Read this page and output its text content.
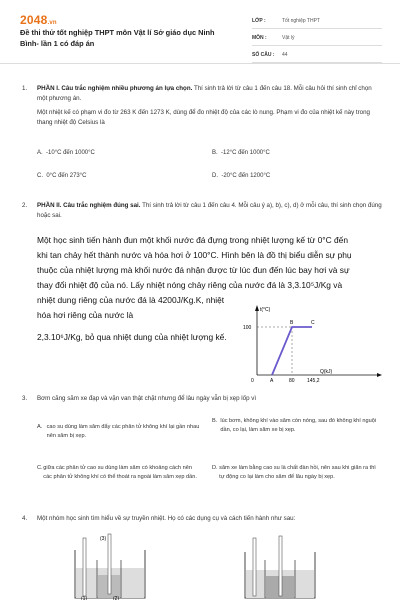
2048.vn
Đề thi thử tốt nghiệp THPT môn Vật lí Sở giáo dục Ninh Bình- lần 1 có đáp án
LỚP :	Tốt nghiệp THPT
MÔN :	Vật lý
SỐ CÂU :	44
1. PHẦN I. Câu trắc nghiệm nhiều phương án lựa chọn. Thí sinh trả lời từ câu 1 đến câu 18. Mỗi câu hỏi thí sinh chỉ chọn một phương án.
Một nhiệt kế có phạm vi đo từ 263 K đến 1273 K, dùng để đo nhiệt độ của các lò nung. Phạm vi đo của nhiệt kế này trong thang nhiệt độ Celsius là
A. -10°C đến 1000°C	B. -12°C đến 1000°C
C. 0°C đến 273°C	D. -20°C đến 1200°C
2. PHẦN II. Câu trắc nghiệm đúng sai. Thí sinh trả lời từ câu 1 đến câu 4. Mỗi câu ý a), b), c), d) ở mỗi câu, thí sinh chọn đúng hoặc sai.
Một học sinh tiến hành đun một khối nước đá đựng trong nhiệt lượng kế từ 0°C đến
khi tan chảy hết thành nước và hóa hơi ở 100°C. Hình bên là đồ thị biểu diễn sự phụ
thuộc của nhiệt lượng mà khối nước đá nhận được từ lúc đun đến lúc bay hơi và sự
thay đổi nhiệt độ của nó. Lấy nhiệt nóng chảy riêng của nước đá là 3,3.10⁵J/Kg và
nhiệt dung riêng của nước đá là 4200J/Kg.K, nhiệt hóa hơi riêng của nước là
2,3.10⁶J/Kg, bỏ qua nhiệt dung của nhiệt lượng kế.
t(°C)
100
0	A
B	C
80 145,2
Q(kJ)
3. Bơm căng săm xe đạp và vặn van thật chặt nhưng để lâu ngày vẫn bị xẹp lốp vì
A. cao su dùng làm săm đẩy các phân tử không khí lại gần nhau nên săm bị xẹp.
B. lúc bơm, không khí vào săm còn nóng, sau đó không khí nguội dần, co lại, làm săm xe bị xẹp.
C. giữa các phân tử cao su dùng làm săm có khoảng cách nên các phân tử không khí có thể thoát ra ngoài làm săm xẹp dần.
D. săm xe làm bằng cao su là chất đàn hồi, nên sau khi giãn ra thì tự động co lại làm cho săm để lâu ngày bị xẹp.
4. Một nhóm học sinh tìm hiểu về sự truyền nhiệt. Họ có các dụng cụ và cách tiến hành như sau:
(3)
(1)	(2)
